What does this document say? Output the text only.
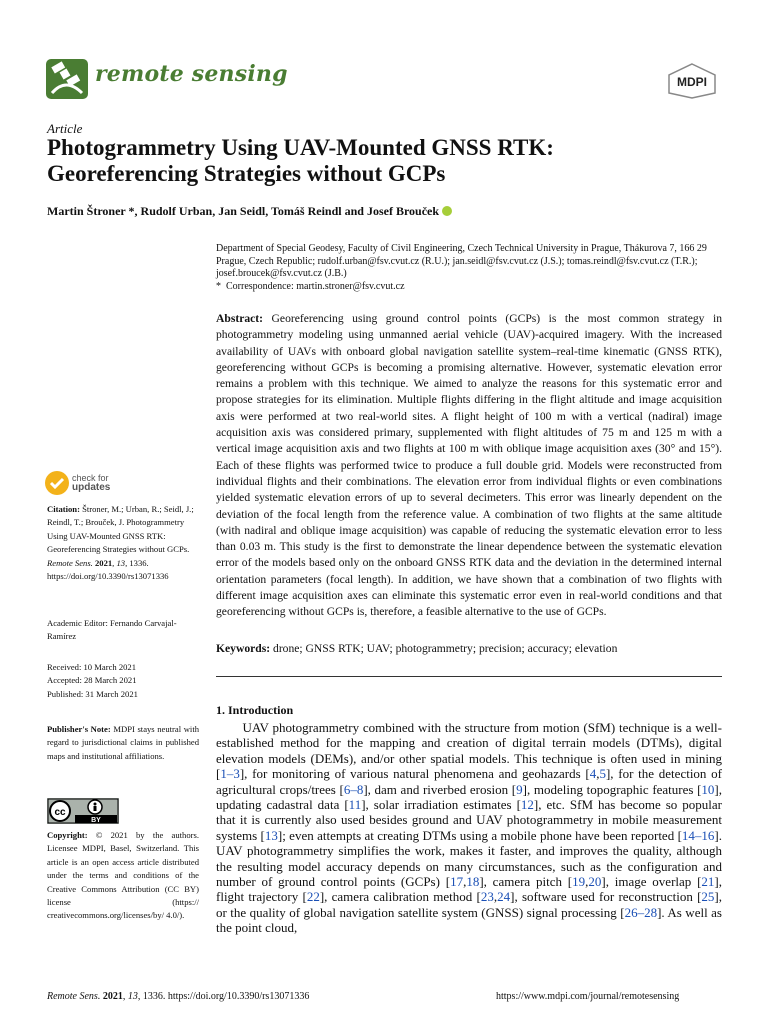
remote sensing	MDPI
Article
Photogrammetry Using UAV-Mounted GNSS RTK: Georeferencing Strategies without GCPs
Martin Štroner *, Rudolf Urban, Jan Seidl, Tomáš Reindl and Josef Brouček
Department of Special Geodesy, Faculty of Civil Engineering, Czech Technical University in Prague, Thákurova 7, 166 29 Prague, Czech Republic; rudolf.urban@fsv.cvut.cz (R.U.); jan.seidl@fsv.cvut.cz (J.S.); tomas.reindl@fsv.cvut.cz (T.R.); josef.broucek@fsv.cvut.cz (J.B.)
*  Correspondence: martin.stroner@fsv.cvut.cz
Abstract: Georeferencing using ground control points (GCPs) is the most common strategy in photogrammetry modeling using unmanned aerial vehicle (UAV)-acquired imagery. With the increased availability of UAVs with onboard global navigation satellite system–real-time kinematic (GNSS RTK), georeferencing without GCPs is becoming a promising alternative. However, systematic elevation error remains a problem with this technique. We aimed to analyze the reasons for this systematic error and propose strategies for its elimination. Multiple flights differing in the flight altitude and image acquisition axis were performed at two real-world sites. A flight height of 100 m with a vertical (nadiral) image acquisition axis was considered primary, supplemented with flight altitudes of 75 m and 125 m with a vertical image acquisition axis and two flights at 100 m with oblique image acquisition axes (30° and 15°). Each of these flights was performed twice to produce a full double grid. Models were reconstructed from individual flights and their combinations. The elevation error from individual flights or even combinations yielded systematic elevation errors of up to several decimeters. This error was linearly dependent on the deviation of the focal length from the reference value. A combination of two flights at the same altitude (with nadiral and oblique image acquisition) was capable of reducing the systematic elevation error to less than 0.03 m. This study is the first to demonstrate the linear dependence between the systematic elevation error of the models based only on the onboard GNSS RTK data and the deviation in the determined internal orientation parameters (focal length). In addition, we have shown that a combination of two flights with different image acquisition axes can eliminate this systematic error even in real-world conditions and that georeferencing without GCPs is, therefore, a feasible alternative to the use of GCPs.
Keywords: drone; GNSS RTK; UAV; photogrammetry; precision; accuracy; elevation
1. Introduction
UAV photogrammetry combined with the structure from motion (SfM) technique is a well-established method for the mapping and creation of digital terrain models (DTMs), digital elevation models (DEMs), and/or other spatial models. This technique is often used in mining [1–3], for monitoring of various natural phenomena and geohazards [4,5], for the detection of agricultural crops/trees [6–8], dam and riverbed erosion [9], modeling topographic features [10], updating cadastral data [11], solar irradiation estimates [12], etc. SfM has become so popular that it is currently also used besides ground and UAV photogrammetry in mobile measurement systems [13]; even attempts at creating DTMs using a mobile phone have been reported [14–16]. UAV photogrammetry simplifies the work, makes it faster, and improves the quality, although the resulting model accuracy depends on many circumstances, such as the configuration and number of ground control points (GCPs) [17,18], camera pitch [19,20], image overlap [21], flight trajectory [22], camera calibration method [23,24], software used for reconstruction [25], or the quality of global navigation satellite system (GNSS) signal processing [26–28]. As well as the point cloud,
check for
updates
Citation: Štroner, M.; Urban, R.; Seidl, J.; Reindl, T.; Brouček, J. Photogrammetry Using UAV-Mounted GNSS RTK: Georeferencing Strategies without GCPs. Remote Sens. 2021, 13, 1336. https://doi.org/10.3390/rs13071336
Academic Editor: Fernando Carvajal-Ramírez
Received: 10 March 2021
Accepted: 28 March 2021
Published: 31 March 2021
Publisher's Note: MDPI stays neutral with regard to jurisdictional claims in published maps and institutional affiliations.
cc
BY
Copyright: © 2021 by the authors. Licensee MDPI, Basel, Switzerland. This article is an open access article distributed under the terms and conditions of the Creative Commons Attribution (CC BY) license (https:// creativecommons.org/licenses/by/ 4.0/).
Remote Sens. 2021, 13, 1336. https://doi.org/10.3390/rs13071336	https://www.mdpi.com/journal/remotesensing
